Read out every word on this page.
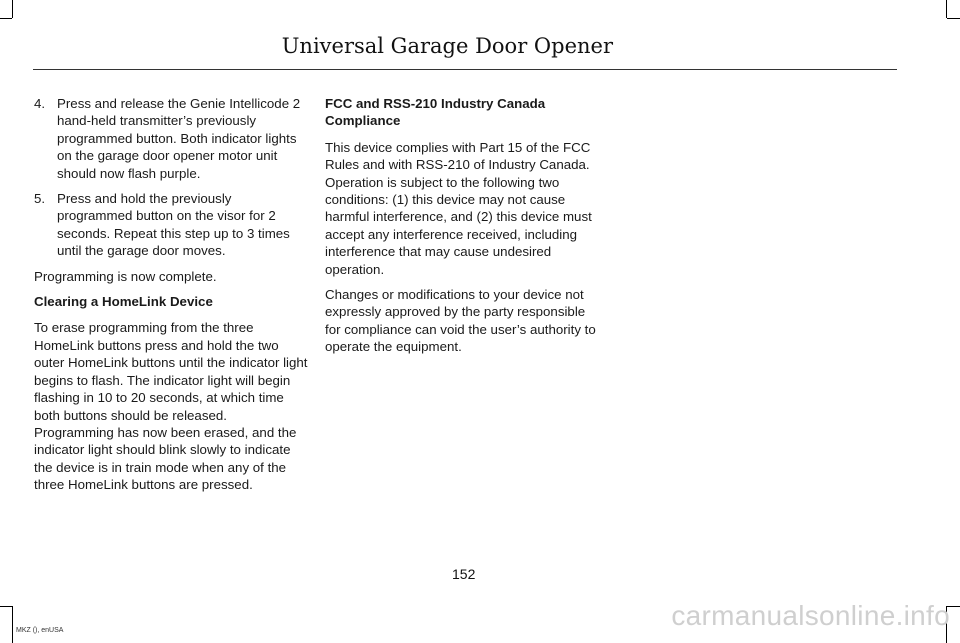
Universal Garage Door Opener
4. Press and release the Genie Intellicode 2 hand-held transmitter’s previously programmed button. Both indicator lights on the garage door opener motor unit should now flash purple.
5. Press and hold the previously programmed button on the visor for 2 seconds. Repeat this step up to 3 times until the garage door moves.

Programming is now complete.

Clearing a HomeLink Device

To erase programming from the three HomeLink buttons press and hold the two outer HomeLink buttons until the indicator light begins to flash. The indicator light will begin flashing in 10 to 20 seconds, at which time both buttons should be released. Programming has now been erased, and the indicator light should blink slowly to indicate the device is in train mode when any of the three HomeLink buttons are pressed.

FCC and RSS-210 Industry Canada Compliance

This device complies with Part 15 of the FCC Rules and with RSS-210 of Industry Canada. Operation is subject to the following two conditions: (1) this device may not cause harmful interference, and (2) this device must accept any interference received, including interference that may cause undesired operation.

Changes or modifications to your device not expressly approved by the party responsible for compliance can void the user’s authority to operate the equipment.

152
MKZ (), enUSA	carmanualsonline.info
